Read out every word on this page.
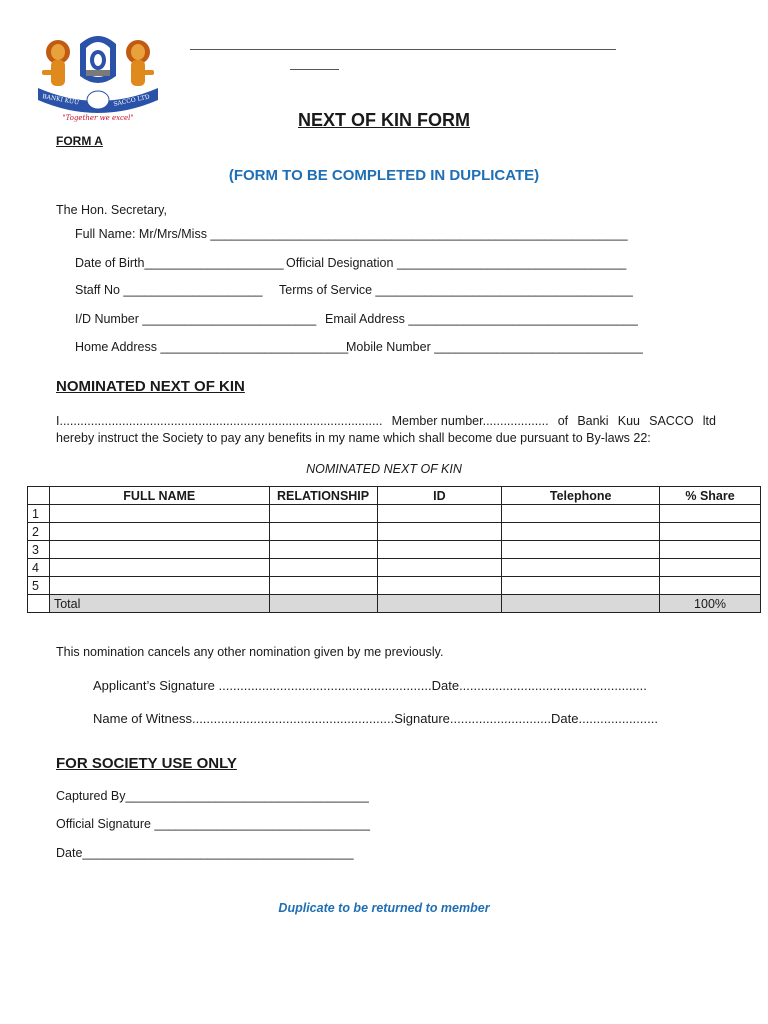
BANKI KUU	SACCO LTD
"Together we excel"	NEXT OF KIN FORM
FORM A
(FORM TO BE COMPLETED IN DUPLICATE)
The Hon. Secretary,
Full Name: Mr/Mrs/Miss ____________________________________________________________
Date of Birth____________________ Official Designation _________________________________
Staff No ____________________ Terms of Service _____________________________________
I/D Number _________________________ Email Address _________________________________
Home Address ___________________________
Mobile Number ______________________________
NOMINATED NEXT OF KIN
I............................................................................................. Member number................... of Banki Kuu SACCO ltd
hereby instruct the Society to pay any benefits in my name which shall become due pursuant to By-laws 22:
NOMINATED NEXT OF KIN
	FULL NAME	RELATIONSHIP	ID	Telephone	% Share
1					
2					
3					
4					
5					
	Total				100%
This nomination cancels any other nomination given by me previously.
Applicant’s Signature ...........................................................Date....................................................
Name of Witness........................................................Signature............................Date......................
FOR SOCIETY USE ONLY
Captured By___________________________________
Official Signature _______________________________
Date_______________________________________
Duplicate to be returned to member
